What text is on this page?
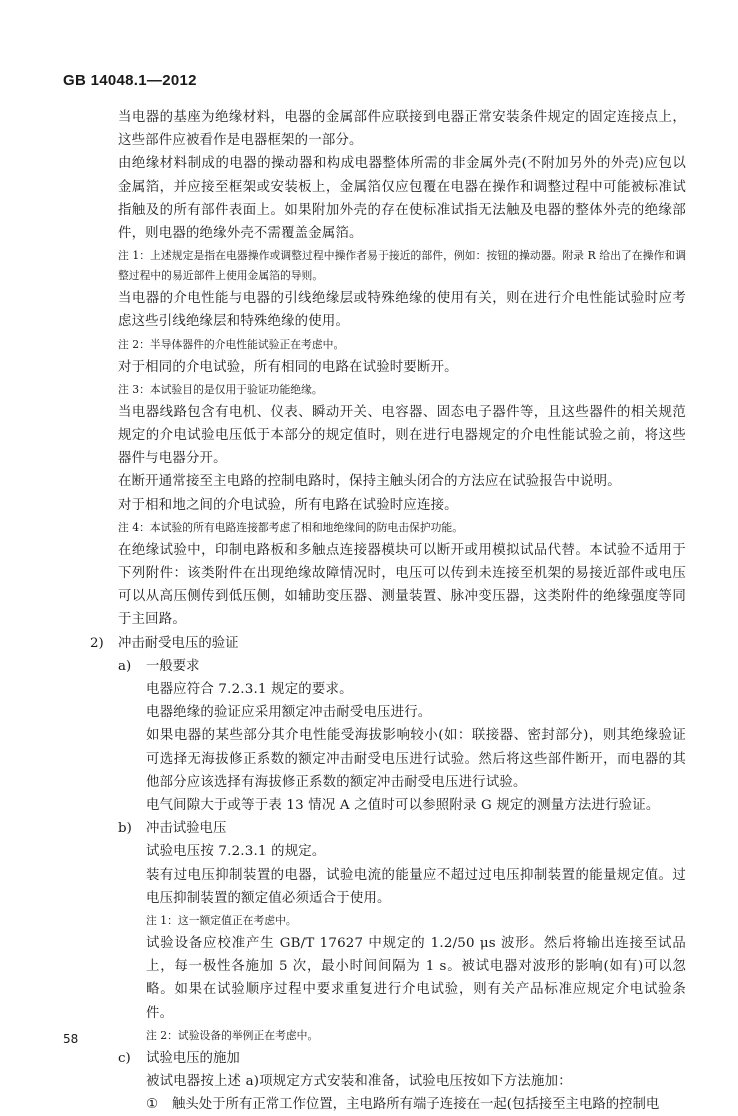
GB 14048.1—2012

当电器的基座为绝缘材料，电器的金属部件应联接到电器正常安装条件规定的固定连接点上，这些部件应被看作是电器框架的一部分。

由绝缘材料制成的电器的操动器和构成电器整体所需的非金属外壳(不附加另外的外壳)应包以金属箔，并应接至框架或安装板上，金属箔仅应包覆在电器在操作和调整过程中可能被标准试指触及的所有部件表面上。如果附加外壳的存在使标准试指无法触及电器的整体外壳的绝缘部件，则电器的绝缘外壳不需覆盖金属箔。

注 1：上述规定是指在电器操作或调整过程中操作者易于接近的部件，例如：按钮的操动器。附录 R 给出了在操作和调整过程中的易近部件上使用金属箔的导则。

当电器的介电性能与电器的引线绝缘层或特殊绝缘的使用有关，则在进行介电性能试验时应考虑这些引线绝缘层和特殊绝缘的使用。

注 2：半导体器件的介电性能试验正在考虑中。

对于相同的介电试验，所有相同的电路在试验时要断开。

注 3：本试验目的是仅用于验证功能绝缘。

当电器线路包含有电机、仪表、瞬动开关、电容器、固态电子器件等，且这些器件的相关规范规定的介电试验电压低于本部分的规定值时，则在进行电器规定的介电性能试验之前，将这些器件与电器分开。

在断开通常接至主电路的控制电路时，保持主触头闭合的方法应在试验报告中说明。

对于相和地之间的介电试验，所有电路在试验时应连接。

注 4：本试验的所有电路连接都考虑了相和地绝缘间的防电击保护功能。

在绝缘试验中，印制电路板和多触点连接器模块可以断开或用模拟试品代替。本试验不适用于下列附件：该类附件在出现绝缘故障情况时，电压可以传到未连接至机架的易接近部件或电压可以从高压侧传到低压侧，如辅助变压器、测量装置、脉冲变压器，这类附件的绝缘强度等同于主回路。

2) 冲击耐受电压的验证
a) 一般要求

电器应符合 7.2.3.1 规定的要求。

电器绝缘的验证应采用额定冲击耐受电压进行。

如果电器的某些部分其介电性能受海拔影响较小(如：联接器、密封部分)，则其绝缘验证可选择无海拔修正系数的额定冲击耐受电压进行试验。然后将这些部件断开，而电器的其他部分应该选择有海拔修正系数的额定冲击耐受电压进行试验。

电气间隙大于或等于表 13 情况 A 之值时可以参照附录 G 规定的测量方法进行验证。

b) 冲击试验电压

试验电压按 7.2.3.1 的规定。

装有过电压抑制装置的电器，试验电流的能量应不超过过电压抑制装置的能量规定值。过电压抑制装置的额定值必须适合于使用。

注 1：这一额定值正在考虑中。

试验设备应校准产生 GB/T 17627 中规定的 1.2/50 μs 波形。然后将输出连接至试品上，每一极性各施加 5 次，最小时间间隔为 1 s。被试电器对波形的影响(如有)可以忽略。如果在试验顺序过程中要求重复进行介电试验，则有关产品标准应规定介电试验条件。

注 2：试验设备的举例正在考虑中。

c) 试验电压的施加

被试电器按上述 a)项规定方式安装和准备，试验电压按如下方法施加：

① 触头处于所有正常工作位置，主电路所有端子连接在一起(包括接至主电路的控制电

58
